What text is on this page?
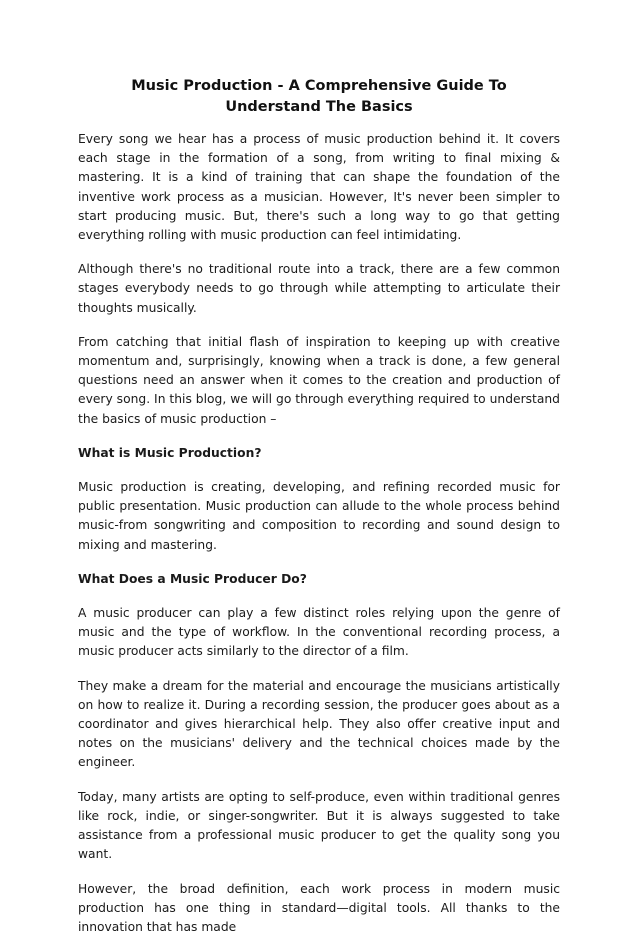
Music Production - A Comprehensive Guide To Understand The Basics

Every song we hear has a process of music production behind it. It covers each stage in the formation of a song, from writing to final mixing & mastering. It is a kind of training that can shape the foundation of the inventive work process as a musician. However, It's never been simpler to start producing music. But, there's such a long way to go that getting everything rolling with music production can feel intimidating.

Although there's no traditional route into a track, there are a few common stages everybody needs to go through while attempting to articulate their thoughts musically.

From catching that initial flash of inspiration to keeping up with creative momentum and, surprisingly, knowing when a track is done, a few general questions need an answer when it comes to the creation and production of every song. In this blog, we will go through everything required to understand the basics of music production –

What is Music Production?

Music production is creating, developing, and refining recorded music for public presentation. Music production can allude to the whole process behind music-from songwriting and composition to recording and sound design to mixing and mastering.

What Does a Music Producer Do?

A music producer can play a few distinct roles relying upon the genre of music and the type of workflow. In the conventional recording process, a music producer acts similarly to the director of a film.

They make a dream for the material and encourage the musicians artistically on how to realize it. During a recording session, the producer goes about as a coordinator and gives hierarchical help. They also offer creative input and notes on the musicians' delivery and the technical choices made by the engineer.

Today, many artists are opting to self-produce, even within traditional genres like rock, indie, or singer-songwriter. But it is always suggested to take assistance from a professional music producer to get the quality song you want.

However, the broad definition, each work process in modern music production has one thing in standard—digital tools. All thanks to the innovation that has made
